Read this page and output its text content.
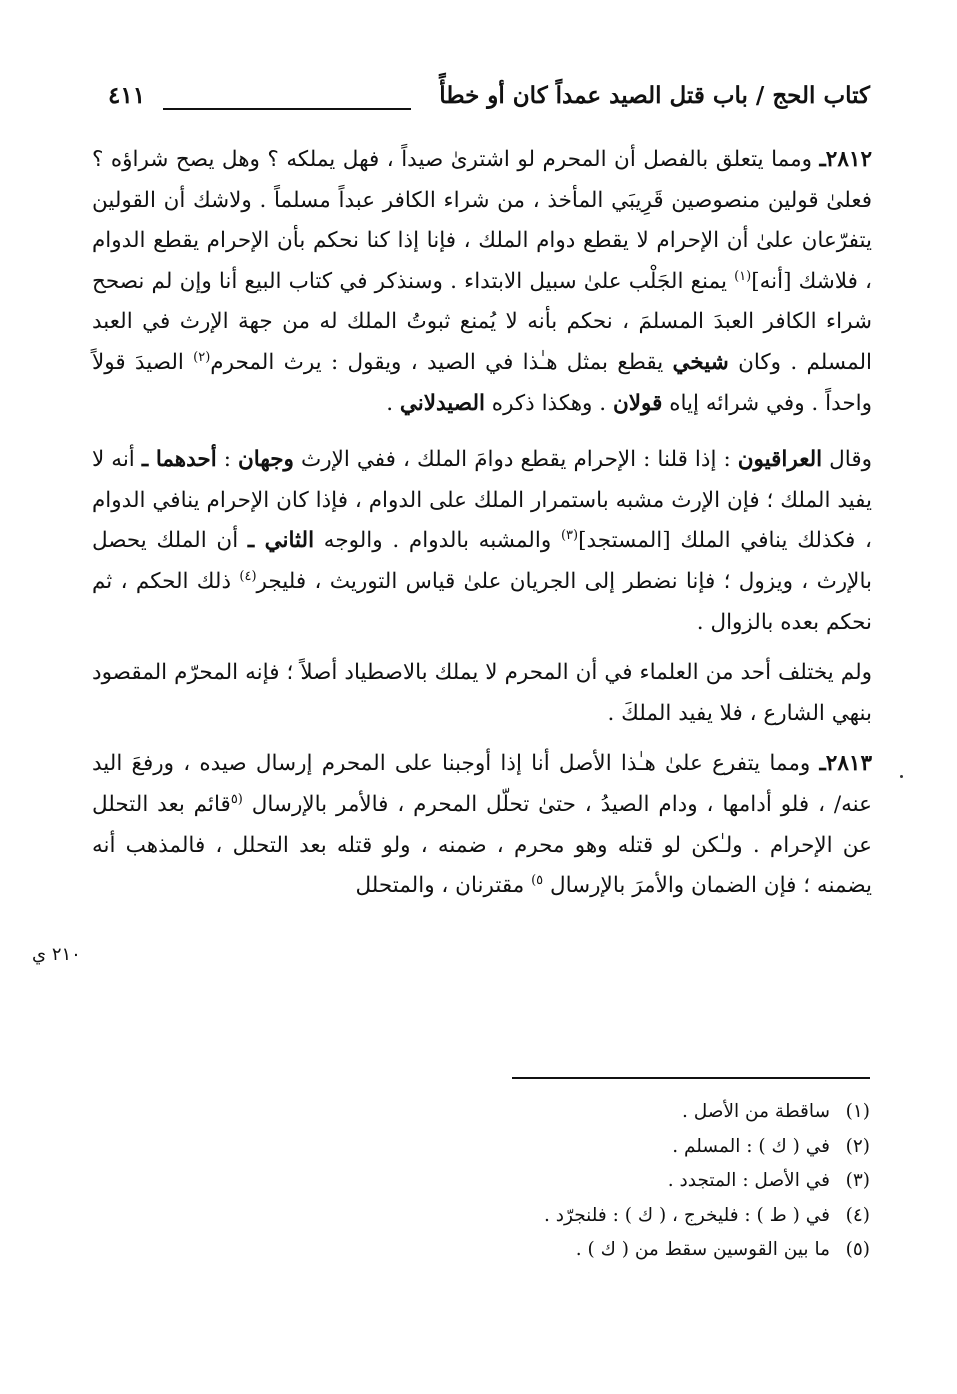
كتاب الحج / باب قتل الصيد عمداً كان أو خطأً
٤١١

٢٨١٢ـ ومما يتعلق بالفصل أن المحرم لو اشترىٰ صيداً ، فهل يملكه ؟ وهل يصح شراؤه ؟ فعلىٰ قولين منصوصين قَرِيبَي المأخذ ، من شراء الكافر عبداً مسلماً . ولاشك أن القولين يتفرّعان علىٰ أن الإحرام لا يقطع دوام الملك ، فإنا إذا كنا نحكم بأن الإحرام يقطع الدوام ، فلاشك [أنه]$^{(١)}$ يمنع الجَلْب علىٰ سبيل الابتداء . وسنذكر في كتاب البيع أنا وإن لم نصحح شراء الكافر العبدَ المسلمَ ، نحكم بأنه لا يُمنع ثبوتُ الملك له من جهة الإرث في العبد المسلم . وكان شيخي يقطع بمثل هـٰذا في الصيد ، ويقول : يرث المحرم$^{(٢)}$ الصيدَ قولاً واحداً . وفي شرائه إياه قولان . وهكذا ذكره الصيدلاني .

وقال العراقيون : إذا قلنا : الإحرام يقطع دوامَ الملك ، ففي الإرث وجهان : أحدهما ـ أنه لا يفيد الملك ؛ فإن الإرث مشبه باستمرار الملك على الدوام ، فإذا كان الإحرام ينافي الدوام ، فكذلك ينافي الملك [المستجد]$^{(٣)}$ والمشبه بالدوام . والوجه الثاني ـ أن الملك يحصل بالإرث ، ويزول ؛ فإنا نضطر إلى الجريان علىٰ قياس التوريث ، فليجر$^{(٤)}$ ذلك الحكم ، ثم نحكم بعده بالزوال .

ولم يختلف أحد من العلماء في أن المحرم لا يملك بالاصطياد أصلاً ؛ فإنه المحرّم المقصود بنهي الشارع ، فلا يفيد الملكَ .

٢٨١٣ـ ومما يتفرع علىٰ هـٰذا الأصل أنا إذا أوجبنا على المحرم إرسال صيده ، ورفعَ اليد عنه/ ، فلو أدامها ، ودام الصيدُ ، حتىٰ تحلّل المحرم ، فالأمر بالإرسال $^{(٥}$قائم بعد التحلل عن الإحرام . ولـٰكن لو قتله وهو محرم ، ضمنه ، ولو قتله بعد التحلل ، فالمذهب أنه يضمنه ؛ فإن الضمان والأمرَ بالإرسال $^{٥)}$ مقترنان ، والمتحلل

٢١٠ ي
(١)ساقطة من الأصل .
(٢)في ( ك ) : المسلم .
(٣)في الأصل : المتجدد .
(٤)في ( ط ) : فليخرج ، ( ك ) : فلنجرّد .
(٥)ما بين القوسين سقط من ( ك ) .
